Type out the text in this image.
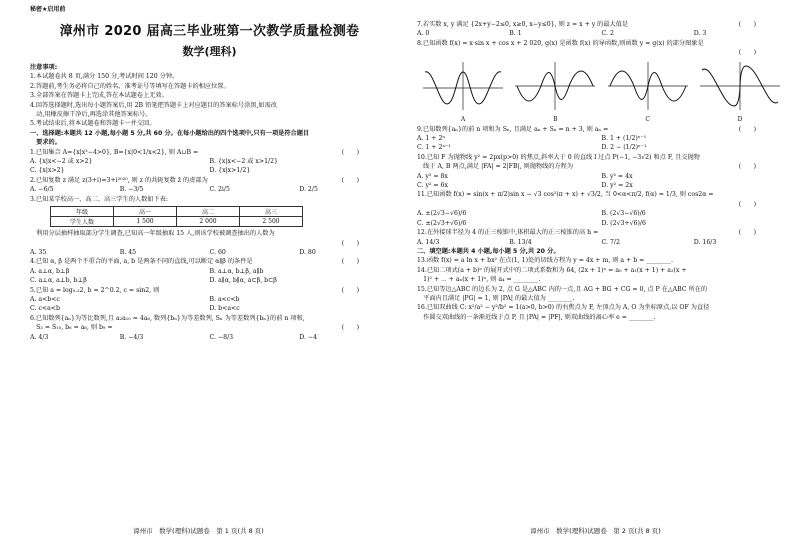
秘密★启用前
漳州市 2020 届高三毕业班第一次教学质量检测卷
数学(理科)
注意事项:
1.本试题卷共 8 页,满分 150 分,考试时间 120 分钟。
2.答题前,考生务必将自己的姓名、准考证号等填写在答题卡的相应位置。
3.全部答案在答题卡上完成,答在本试题卷上无效。
4.回答选择题时,选出每小题答案后,用 2B 铅笔把答题卡上对应题目的答案标号涂黑,如需改
　动,用橡皮擦干净后,再选涂其他答案标号。
5.考试结束后,将本试题卷和答题卡一并交回。
一、选择题:本题共 12 小题,每小题 5 分,共 60 分。在每小题给出的四个选项中,只有一项是符合题目
　要求的。
1.已知集合 A={x|x²−4>0}, B={x|0<1/x<2}, 则 A∪B =	(　　)
A. {x|x<−2 或 x>2}	B. {x|x<−2 或 x>1/2}
C. {x|x>2}	D. {x|x>1/2}
2.已知复数 z 满足 z(3+i)=3+i²⁰²⁰, 则 z 的共轭复数 z̄ 的虚部为	(　　)
A. −6/5	B. −3/5	C. 2i/5	D. 2/5
3.已知某学校高一、高二、高三学生的人数如下表:
年级	高一	高二	高三
学生人数	1 500	2 000	2 500
　利用分层抽样抽取部分学生调查,已知高一年级抽取 15 人,则该学校被调查抽出的人数为

(　　)
A. 35	B. 45	C. 60	D. 80
4.已知 α, β 是两个不重合的平面, a, b 是两条不同的直线,可以断定 α∥β 的条件是	(　　)
A. a⊥α, b⊥β	B. a⊥α, b⊥β, a∥b
C. a⊥α, a⊥b, b⊥β	D. a∥α, b∥α, a⊂β, b⊂β
5.已知 a = log₀.₂2, b = 2^0.2, c = sin2, 则	(　　)
A. a<b<c	B. a<c<b
C. c<a<b	D. b<a<c
6.已知数列{aₙ}为等比数列,且 a₂a₁₀ = 4a₆, 数列{bₙ}为等差数列, Sₙ 为等差数列{bₙ}的前 n 项和,
　S₃ = S₁₀, b₆ = a₆, 则 b₉ =	(　　)
A. 4/3	B. −4/3	C. −8/3	D. −4
漳州市　数学(理科)试题卷　第 1 页(共 8 页)
7.若实数 x, y 满足 {2x+y−2≤0, x≥0, x−y≤0}, 则 z = x + y 的最大值是	(　　)
A. 0	B. 1	C. 2	D. 3
8.已知函数 f(x) = x·sin x + cos x + 2 020, g(x) 是函数 f(x) 的导函数,则函数 y = g(x) 的部分图象是

(　　)
A	B	C	D
9.已知数列{aₙ}的前 n 项和为 Sₙ, 且满足 aₙ + Sₙ = n + 3, 则 aₙ =	(　　)
A. 1 + 2ⁿ	B. 1 + (1/2)ⁿ⁻¹
C. 1 + 2ⁿ⁻¹	D. 2 − (1/2)ⁿ⁻¹
10.已知 F 为抛物线 y² = 2px(p>0) 的焦点,斜率大于 0 的直线 l 过点 P(−1, −3√2) 和点 F, 且交抛物
　线于 A, B 两点,满足 |FA| = 2|FB|, 则抛物线的方程为	(　　)
A. y² = 8x	B. y² = 4x
C. y² = 6x	D. y² = 2x
11.已知函数 f(x) = sin(x + π/2)sin x − √3 cos²(π + x) + √3/2, 当 0<α<π/2, f(α) = 1/3, 则 cos2α =

(　　)
A. ±(2√3−√6)/6	B. (2√3−√6)/6
C. ±(2√3+√6)/6	D. (2√3+√6)/6
12.在外接球半径为 4 的正三棱锥中,体积最大的正三棱锥的高 h =	(　　)
A. 14/3	B. 13/4	C. 7/2	D. 16/3
二、填空题:本题共 4 小题,每小题 5 分,共 20 分。
13.函数 f(x) = a ln x + bx² 在点(1, 1)处的切线方程为 y = 4x + m, 则 a + b = ________.
14.已知二项式(a + b)ⁿ 的展开式中的二项式系数和为 64, (2x + 1)ⁿ = a₀ + a₁(x + 1) + a₂(x +
　1)² + ⋯ + aₙ(x + 1)ⁿ, 则 a₄ = ________.
15.已知等边△ABC 的边长为 2, 点 G 是△ABC 内的一点,且 AG + BG + CG = 0, 点 P 在△ABC 所在的
　平面内且满足 |PG| = 1, 则 |PA| 的最大值为 ________.
16.已知双曲线 C: x²/a² − y²/b² = 1(a>0, b>0) 的右焦点为 F, 左顶点为 A, O 为坐标原点,以 OF 为直径
　作圆交双曲线的一条渐近线于点 P, 且 |PA| = |PF|, 则双曲线的离心率 e = ________.
漳州市　数学(理科)试题卷　第 2 页(共 8 页)
